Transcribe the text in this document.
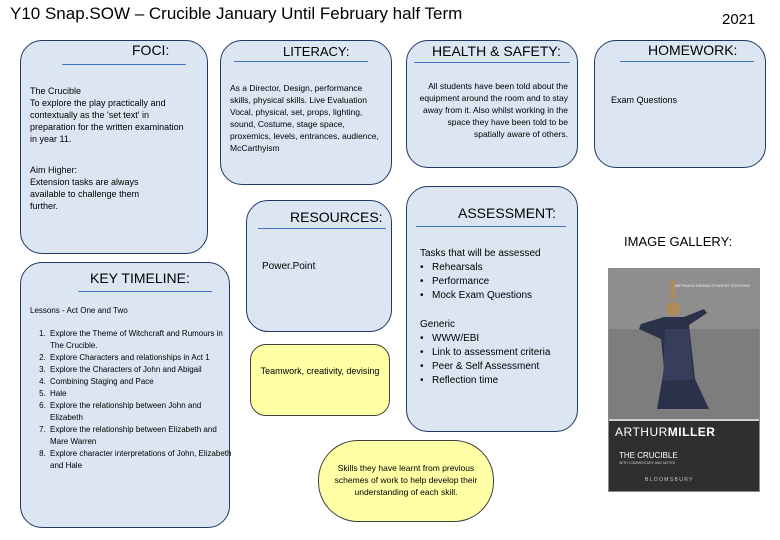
Y10 Snap.SOW – Crucible January Until February half Term	2021
FOCI:
The Crucible
To explore the play practically and contextually as the 'set text' in preparation for the written examination in year 11.
Aim Higher:
Extension tasks are always available to challenge them further.
LITERACY:
As a Director, Design, performance skills, physical skills. Live Evaluation
Vocal, physical, set, props, lighting, sound, Costume, stage space, proxemics, levels, entrances, audience, McCarthyism
HEALTH & SAFETY:
All students have been told about the equipment around the room and to stay away from it. Also whilst working in the space they have been told to be spatially aware of others.
HOMEWORK:
Exam Questions
RESOURCES:
Power.Point
Teamwork, creativity, devising
ASSESSMENT:
Tasks that will be assessed
• Rehearsals
• Performance
• Mock Exam Questions
Generic
• WWW/EBI
• Link to assessment criteria
• Peer & Self Assessment
• Reflection time
Skills they have learnt from previous schemes of work to help develop their understanding of each skill.
IMAGE GALLERY:
METHUEN DRAMA STUDENT EDITIONS
ARTHURMILLER
THE CRUCIBLE
WITH COMMENTARY AND NOTES
B L O O M S B U R Y
KEY TIMELINE:
Lessons - Act One and Two
1. Explore the Theme of Witchcraft and Rumours in The Crucible.
2. Explore Characters and relationships in Act 1
3. Explore the Characters of John and Abigail
4. Combining Staging and Pace
5. Hale
6. Explore the relationship between John and Elizabeth
7. Explore the relationship between Elizabeth and Mare Warren
8. Explore character interpretations of John, Elizabeth and Hale
